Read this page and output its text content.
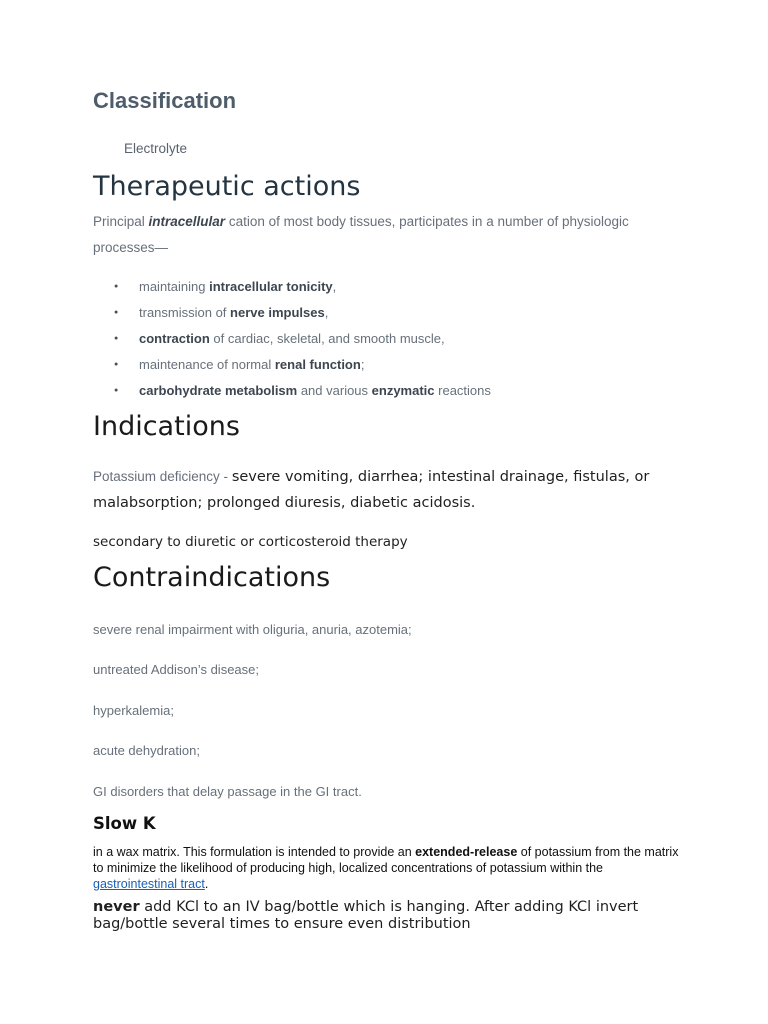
Classification
Electrolyte
Therapeutic actions

Principal intracellular cation of most body tissues, participates in a number of physiologic processes—

● maintaining intracellular tonicity,
● transmission of nerve impulses,
● contraction of cardiac, skeletal, and smooth muscle,
● maintenance of normal renal function;
● carbohydrate metabolism and various enzymatic reactions
Indications

Potassium deficiency - severe vomiting, diarrhea; intestinal drainage, fistulas, or malabsorption; prolonged diuresis, diabetic acidosis.

secondary to diuretic or corticosteroid therapy

Contraindications

severe renal impairment with oliguria, anuria, azotemia;

untreated Addison’s disease;

hyperkalemia;

acute dehydration;

GI disorders that delay passage in the GI tract.

Slow K

in a wax matrix. This formulation is intended to provide an extended-release of potassium from the matrix to minimize the likelihood of producing high, localized concentrations of potassium within the gastrointestinal tract.

never add KCl to an IV bag/bottle which is hanging. After adding KCl invert bag/bottle several times to ensure even distribution
